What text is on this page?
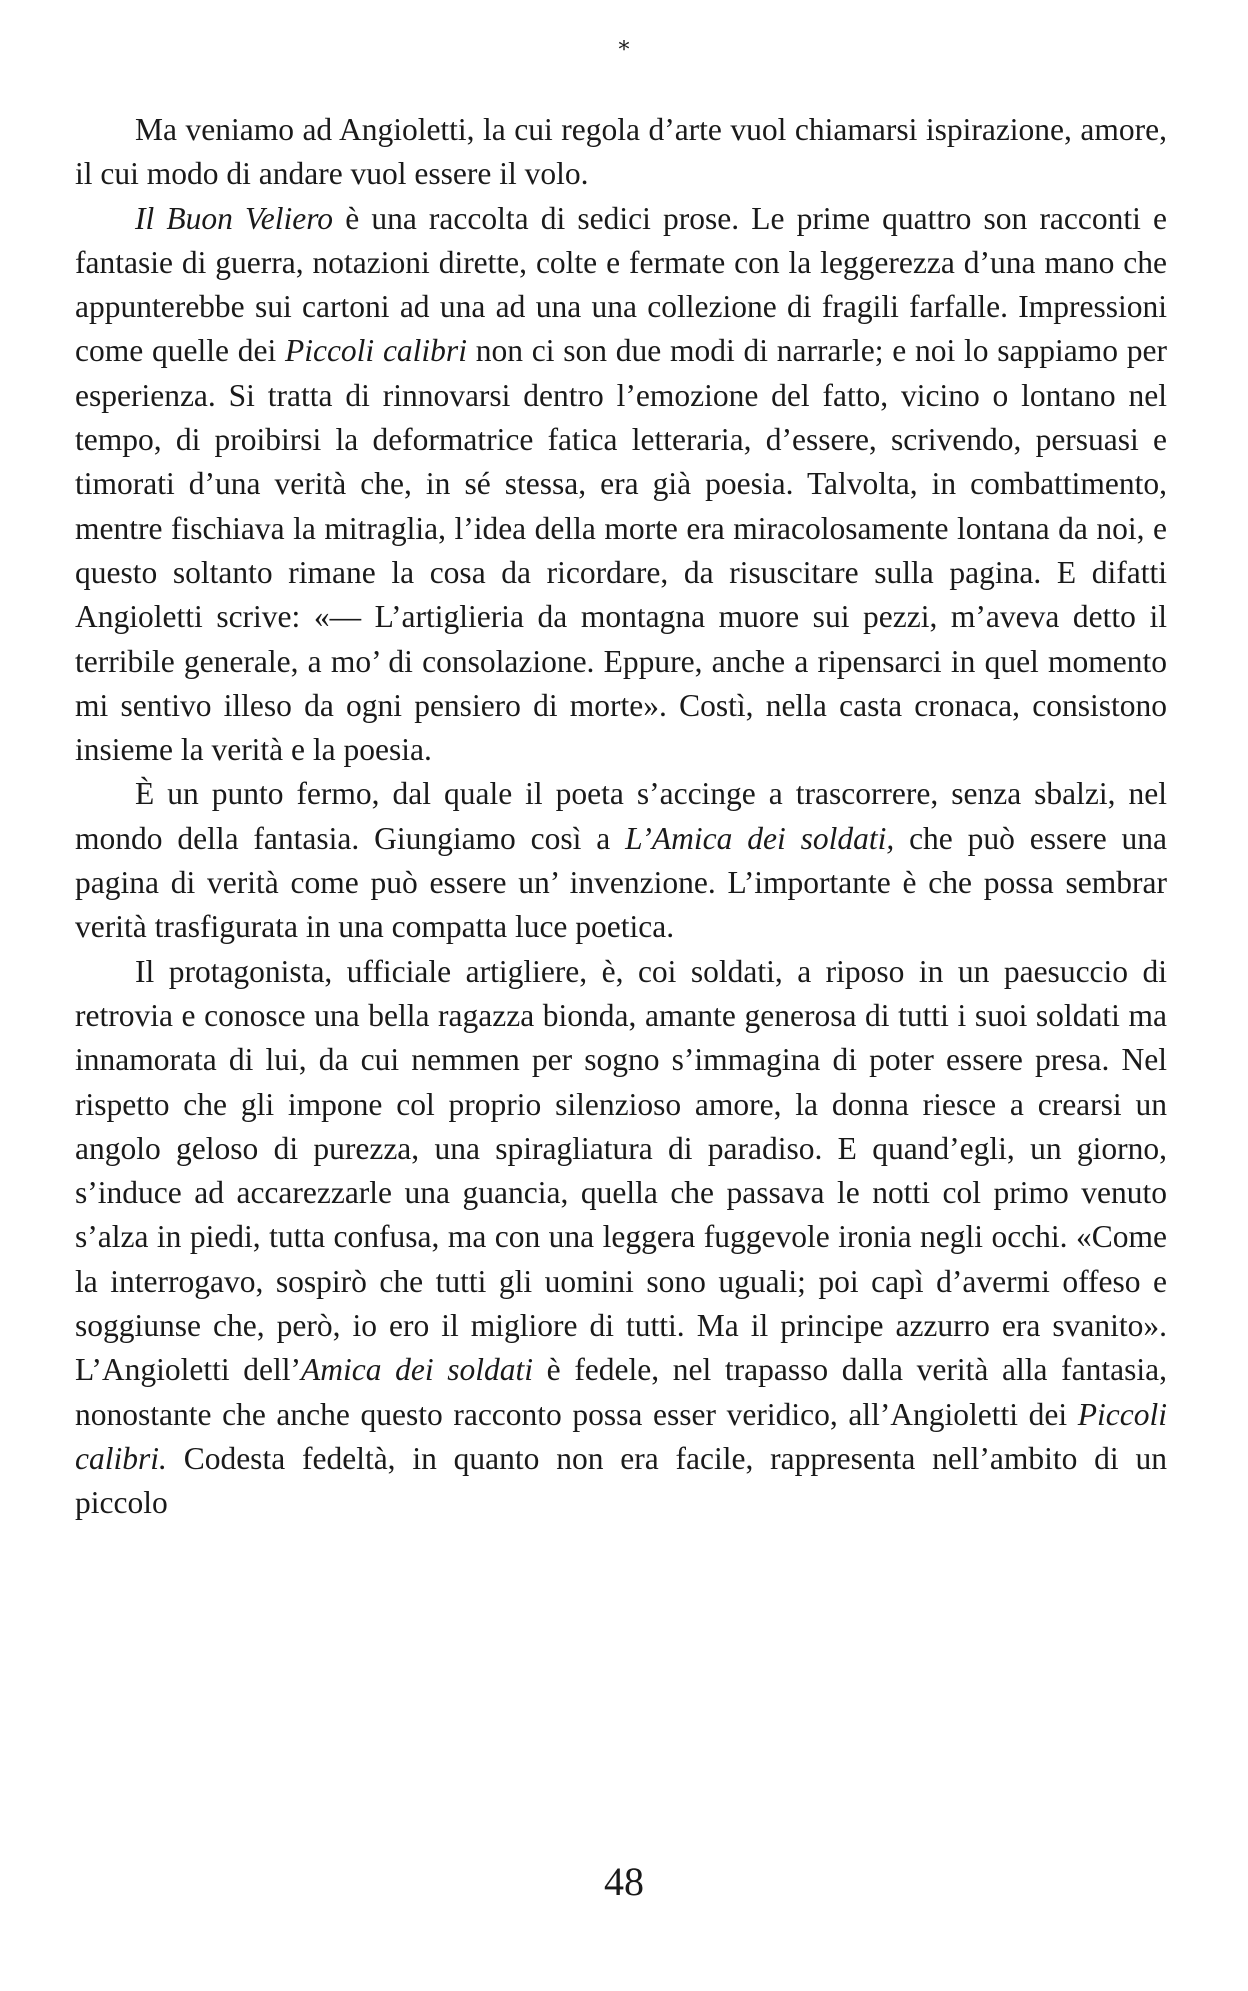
*

Ma veniamo ad Angioletti, la cui regola d’arte vuol chiamarsi ispirazione, amore, il cui modo di andare vuol essere il volo.

Il Buon Veliero è una raccolta di sedici prose. Le prime quattro son racconti e fantasie di guerra, notazioni dirette, colte e fermate con la leggerezza d’una mano che appunterebbe sui cartoni ad una ad una una collezione di fragili farfalle. Impressioni come quelle dei Piccoli calibri non ci son due modi di narrarle; e noi lo sappiamo per esperienza. Si tratta di rinnovarsi dentro l’emozione del fatto, vicino o lontano nel tempo, di proibirsi la deformatrice fatica letteraria, d’essere, scrivendo, persuasi e timorati d’una verità che, in sé stessa, era già poesia. Talvolta, in combattimento, mentre fischiava la mitraglia, l’idea della morte era miracolosamente lontana da noi, e questo soltanto rimane la cosa da ricordare, da risuscitare sulla pagina. E difatti Angioletti scrive: «— L’artiglieria da montagna muore sui pezzi, m’aveva detto il terribile generale, a mo’ di consolazione. Eppure, anche a ripensarci in quel momento mi sentivo illeso da ogni pensiero di morte». Costì, nella casta cronaca, consistono insieme la verità e la poesia.

È un punto fermo, dal quale il poeta s’accinge a trascorrere, senza sbalzi, nel mondo della fantasia. Giungiamo così a L’Amica dei soldati, che può essere una pagina di verità come può essere un’ invenzione. L’importante è che possa sembrar verità trasfigurata in una compatta luce poetica.

Il protagonista, ufficiale artigliere, è, coi soldati, a riposo in un paesuccio di retrovia e conosce una bella ragazza bionda, amante generosa di tutti i suoi soldati ma innamorata di lui, da cui nemmen per sogno s’immagina di poter essere presa. Nel rispetto che gli impone col proprio silenzioso amore, la donna riesce a crearsi un angolo geloso di purezza, una spiragliatura di paradiso. E quand’egli, un giorno, s’induce ad accarezzarle una guancia, quella che passava le notti col primo venuto s’alza in piedi, tutta confusa, ma con una leggera fuggevole ironia negli occhi. «Come la interrogavo, sospirò che tutti gli uomini sono uguali; poi capì d’avermi offeso e soggiunse che, però, io ero il migliore di tutti. Ma il principe azzurro era svanito». L’Angioletti dell’Amica dei soldati è fedele, nel trapasso dalla verità alla fantasia, nonostante che anche questo racconto possa esser veridico, all’Angioletti dei Piccoli calibri. Codesta fedeltà, in quanto non era facile, rappresenta nell’ambito di un piccolo

48
